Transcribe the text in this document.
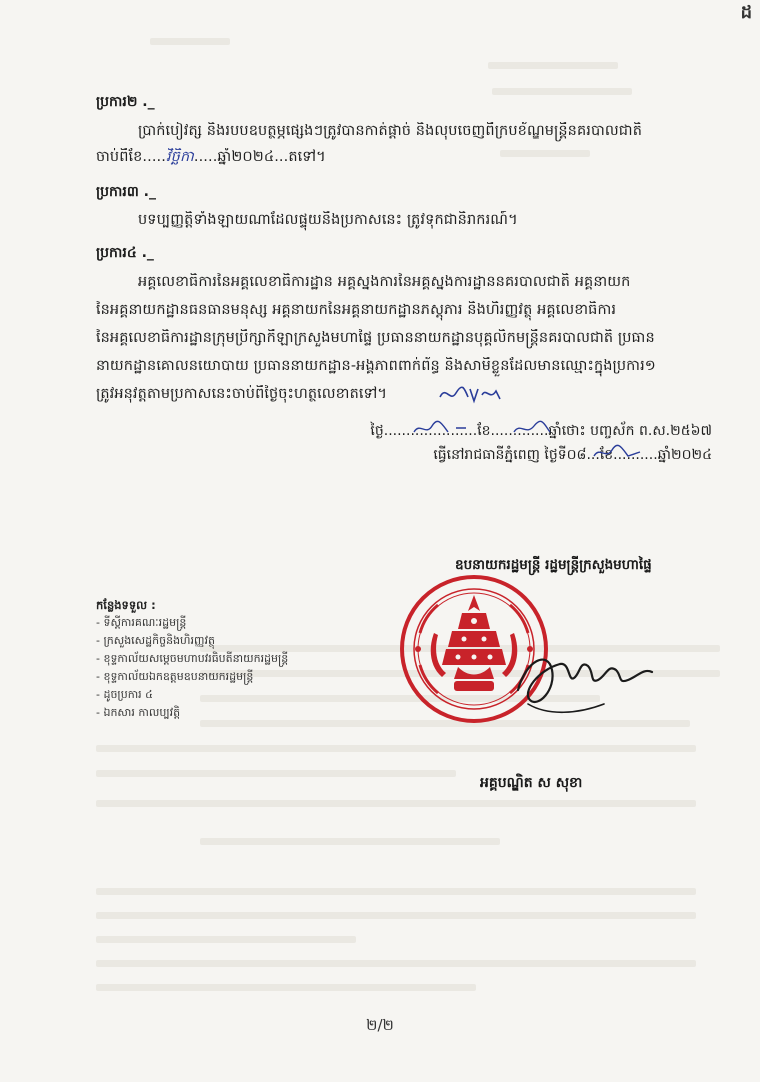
ដ
ប្រការ២ ._
ប្រាក់បៀវត្ស និងរបបឧបត្ថម្ភផ្សេងៗត្រូវបានកាត់ផ្ដាច់ និងលុបចេញពីក្របខ័ណ្ឌមន្ត្រីនគរបាលជាតិ
ចាប់ពីខែ.....វិច្ឆិកា.....ឆ្នាំ២០២៤...តទៅ។
ប្រការ៣ ._
បទប្បញ្ញត្តិទាំងឡាយណាដែលផ្ទុយនឹងប្រកាសនេះ ត្រូវទុកជានិរាករណ៍។
ប្រការ៤ ._
អគ្គលេខាធិការនៃអគ្គលេខាធិការដ្ឋាន អគ្គស្នងការនៃអគ្គស្នងការដ្ឋាននគរបាលជាតិ អគ្គនាយក
នៃអគ្គនាយកដ្ឋានធនធានមនុស្ស អគ្គនាយកនៃអគ្គនាយកដ្ឋានភស្តុភារ និងហិរញ្ញវត្ថុ អគ្គលេខាធិការ
នៃអគ្គលេខាធិការដ្ឋានក្រុមប្រឹក្សាកីឡាក្រសួងមហាផ្ទៃ ប្រធាននាយកដ្ឋានបុគ្គលិកមន្ត្រីនគរបាលជាតិ ប្រធាន
នាយកដ្ឋានគោលនយោបាយ ប្រធាននាយកដ្ឋាន-អង្គភាពពាក់ព័ន្ធ និងសាមីខ្លួនដែលមានឈ្មោះក្នុងប្រការ១
ត្រូវអនុវត្តតាមប្រកាសនេះចាប់ពីថ្ងៃចុះហត្ថលេខាតទៅ។
ថ្ងៃ.....................ខែ.............ឆ្នាំថោះ បញ្ចស័ក ព.ស.២៥៦៧
ធ្វើនៅរាជធានីភ្នំពេញ ថ្ងៃទី០៨...ខែ..........ឆ្នាំ២០២៤
ឧបនាយករដ្ឋមន្ត្រី រដ្ឋមន្ត្រីក្រសួងមហាផ្ទៃ
កន្លែងទទួល :
- ទីស្ដីការគណៈរដ្ឋមន្ត្រី
- ក្រសួងសេដ្ឋកិច្ចនិងហិរញ្ញវត្ថុ
- ខុទ្ទកាល័យសម្តេចមហាបវរធិបតីនាយករដ្ឋមន្ត្រី
- ខុទ្ទកាល័យឯកឧត្តមឧបនាយករដ្ឋមន្ត្រី
- ដូចប្រការ ៤
- ឯកសារ កាលប្បវត្តិ
អគ្គបណ្ឌិត ស សុខា
២/២
